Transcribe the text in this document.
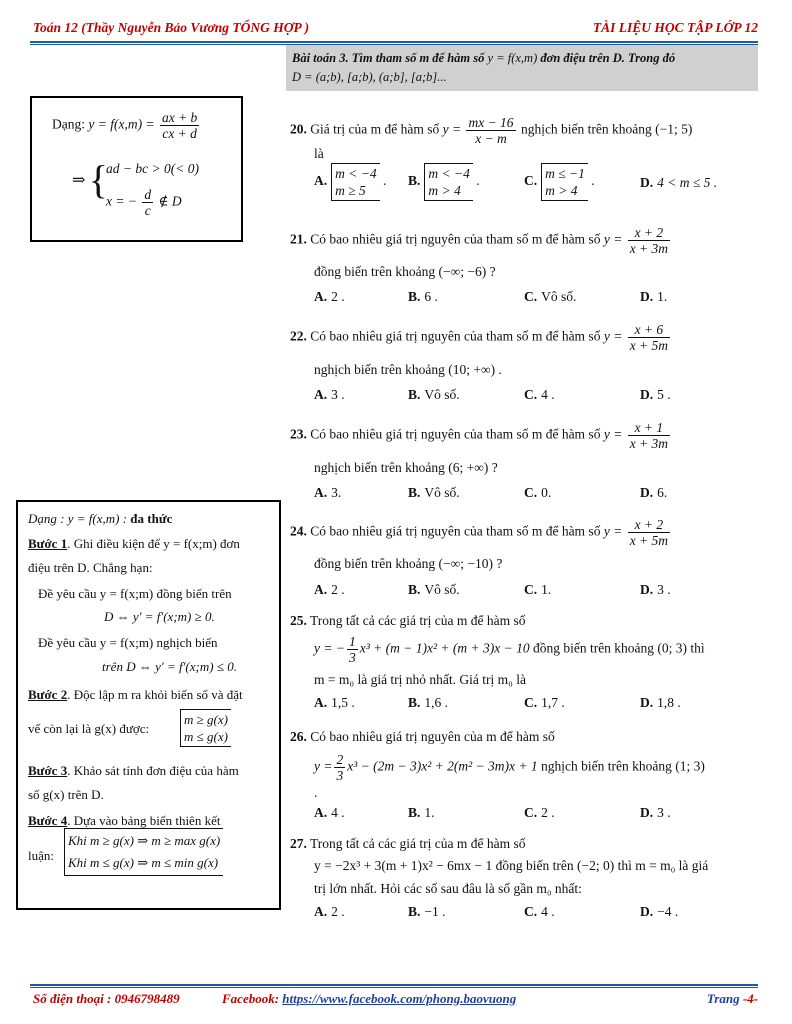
Toán 12 (Thầy Nguyễn Bảo Vương TỔNG HỢP )	TÀI LIỆU HỌC TẬP LỚP 12
Bài toán 3. Tìm tham số m để hàm số y = f(x,m) đơn điệu trên D. Trong đó
D = (a;b), [a;b), (a;b], [a;b]...
Dạng: $y = f(x,m) = \frac{ax + b}{cx + d}$
⇒ {
ad − bc > 0(< 0)
x = − $\frac{d}{c}$ ∉ D
Dạng : y = f(x,m) : đa thức
Bước 1. Ghi điều kiện để y = f(x;m) đơn
điệu trên D. Chẳng hạn:
Đề yêu cầu y = f(x;m) đồng biến trên
D ⇔ y′ = f′(x;m) ≥ 0.
Đề yêu cầu y = f(x;m) nghịch biến
trên D ⇔ y′ = f′(x;m) ≤ 0.
Bước 2. Độc lập m ra khỏi biến số và đặt
vế còn lại là g(x) được:
m ≥ g(x)
m ≤ g(x)
Bước 3. Khảo sát tính đơn điệu của hàm
số g(x) trên D.
Bước 4. Dựa vào bảng biến thiên kết
luận:
Khi m ≥ g(x) ⇒ m ≥ max g(x)
Khi m ≤ g(x) ⇒ m ≤ min g(x)
20. Giá trị của m để hàm số $y = \frac{mx - 16}{x - m}$ nghịch biến trên khoảng (−1; 5)
là
A. m < −4
m ≥ 5
. B. m < −4
m > 4
.	C. m ≤ −1
m > 4
.	D. 4 < m ≤ 5 .
21. Có bao nhiêu giá trị nguyên của tham số m để hàm số $y = \frac{x + 2}{x + 3m}$
đồng biến trên khoảng (−∞; −6) ?
A. 2 .	B. 6 .	C. Vô số.	D. 1.
22. Có bao nhiêu giá trị nguyên của tham số m để hàm số $y = \frac{x + 6}{x + 5m}$
nghịch biến trên khoảng (10; +∞) .
A. 3 .	B. Vô số.	C. 4 .	D. 5 .
23. Có bao nhiêu giá trị nguyên của tham số m để hàm số $y = \frac{x + 1}{x + 3m}$
nghịch biến trên khoảng (6; +∞) ?
A. 3.	B. Vô số.	C. 0.	D. 6.
24. Có bao nhiêu giá trị nguyên của tham số m để hàm số $y = \frac{x + 2}{x + 5m}$
đồng biến trên khoảng (−∞; −10) ?
A. 2 .	B. Vô số.	C. 1.	D. 3 .
25. Trong tất cả các giá trị của m để hàm số
y = − $\frac{1}{3} x^3 + (m - 1)x^2 + (m + 3)x - 10$ đồng biến trên khoảng (0; 3) thì
m = m₀ là giá trị nhỏ nhất. Giá trị m₀ là
A. 1,5 .	B. 1,6 .	C. 1,7 .	D. 1,8 .
26. Có bao nhiêu giá trị nguyên của m để hàm số
$y = \frac{2}{3} x^3 - (2m - 3)x^2 + 2(m^2 - 3m)x + 1$ nghịch biến trên khoảng (1; 3)
.
A. 4 .	B. 1.	C. 2 .	D. 3 .
27. Trong tất cả các giá trị của m để hàm số
y = −2x³ + 3(m + 1)x² − 6mx − 1 đồng biến trên (−2; 0) thì m = m₀ là giá
trị lớn nhất. Hỏi các số sau đâu là số gần m₀ nhất:
A. 2 .	B. −1 .	C. 4 .	D. −4 .
Số điện thoại : 0946798489	Facebook: https://www.facebook.com/phong.baovuong	Trang -4-
